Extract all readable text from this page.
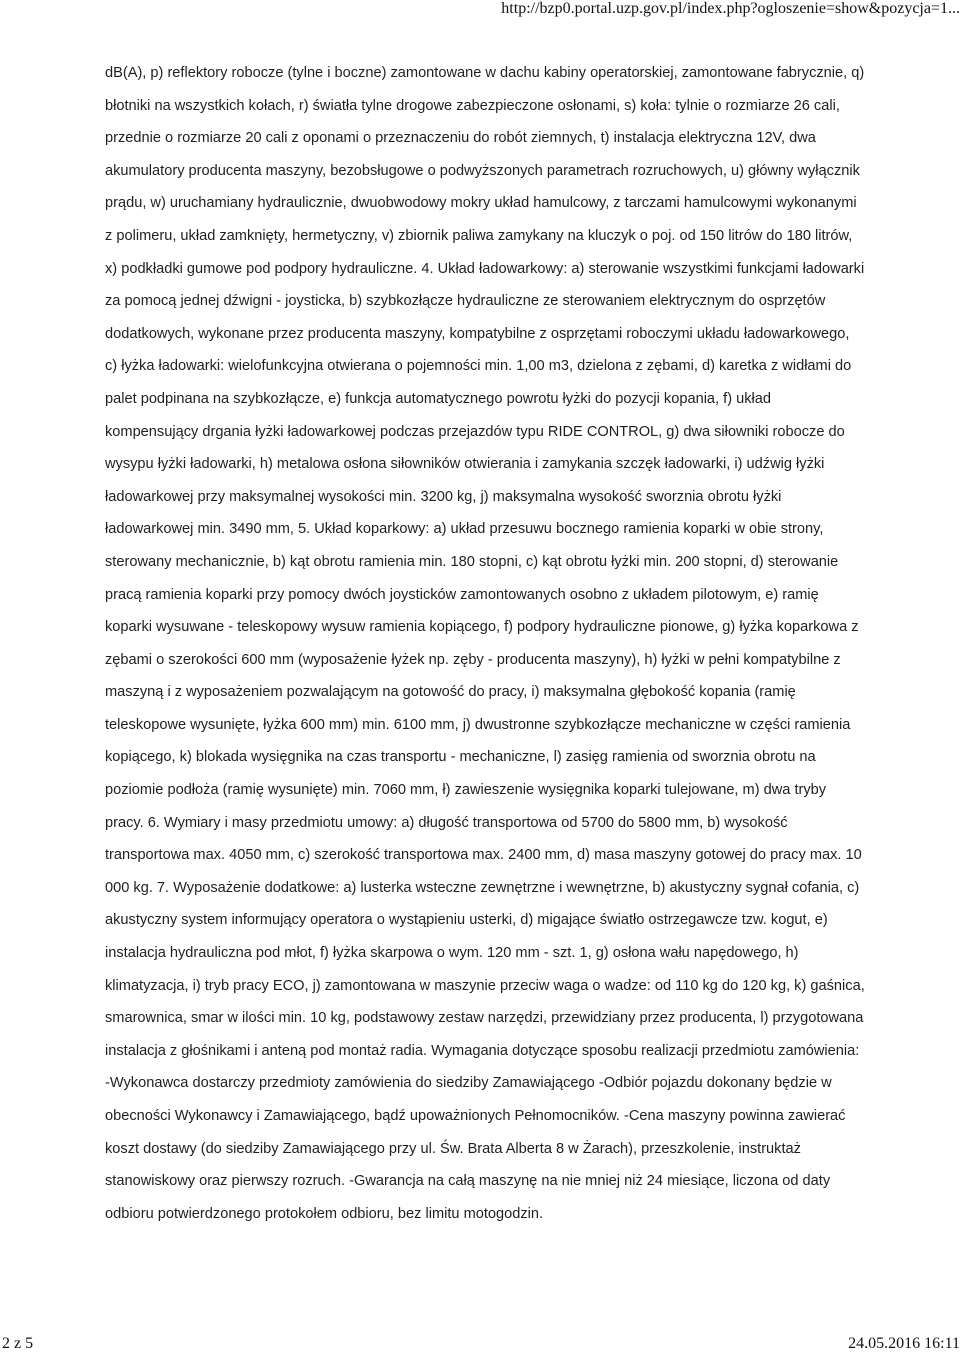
http://bzp0.portal.uzp.gov.pl/index.php?ogloszenie=show&pozycja=1...

dB(A), p) reflektory robocze (tylne i boczne) zamontowane w dachu kabiny operatorskiej, zamontowane fabrycznie, q) błotniki na wszystkich kołach, r) światła tylne drogowe zabezpieczone osłonami, s) koła: tylnie o rozmiarze 26 cali, przednie o rozmiarze 20 cali z oponami o przeznaczeniu do robót ziemnych, t) instalacja elektryczna 12V, dwa akumulatory producenta maszyny, bezobsługowe o podwyższonych parametrach rozruchowych, u) główny wyłącznik prądu, w) uruchamiany hydraulicznie, dwuobwodowy mokry układ hamulcowy, z tarczami hamulcowymi wykonanymi z polimeru, układ zamknięty, hermetyczny, v) zbiornik paliwa zamykany na kluczyk o poj. od 150 litrów do 180 litrów, x) podkładki gumowe pod podpory hydrauliczne. 4. Układ ładowarkowy: a) sterowanie wszystkimi funkcjami ładowarki za pomocą jednej dźwigni - joysticka, b) szybkozłącze hydrauliczne ze sterowaniem elektrycznym do osprzętów dodatkowych, wykonane przez producenta maszyny, kompatybilne z osprzętami roboczymi układu ładowarkowego, c) łyżka ładowarki: wielofunkcyjna otwierana o pojemności min. 1,00 m3, dzielona z zębami, d) karetka z widłami do palet podpinana na szybkozłącze, e) funkcja automatycznego powrotu łyżki do pozycji kopania, f) układ kompensujący drgania łyżki ładowarkowej podczas przejazdów typu RIDE CONTROL, g) dwa siłowniki robocze do wysypu łyżki ładowarki, h) metalowa osłona siłowników otwierania i zamykania szczęk ładowarki, i) udźwig łyżki ładowarkowej przy maksymalnej wysokości min. 3200 kg, j) maksymalna wysokość sworznia obrotu łyżki ładowarkowej min. 3490 mm, 5. Układ koparkowy: a) układ przesuwu bocznego ramienia koparki w obie strony, sterowany mechanicznie, b) kąt obrotu ramienia min. 180 stopni, c) kąt obrotu łyżki min. 200 stopni, d) sterowanie pracą ramienia koparki przy pomocy dwóch joysticków zamontowanych osobno z układem pilotowym, e) ramię koparki wysuwane - teleskopowy wysuw ramienia kopiącego, f) podpory hydrauliczne pionowe, g) łyżka koparkowa z zębami o szerokości 600 mm (wyposażenie łyżek np. zęby - producenta maszyny), h) łyżki w pełni kompatybilne z maszyną i z wyposażeniem pozwalającym na gotowość do pracy, i) maksymalna głębokość kopania (ramię teleskopowe wysunięte, łyżka 600 mm) min. 6100 mm, j) dwustronne szybkozłącze mechaniczne w części ramienia kopiącego, k) blokada wysięgnika na czas transportu - mechaniczne, l) zasięg ramienia od sworznia obrotu na poziomie podłoża (ramię wysunięte) min. 7060 mm, ł) zawieszenie wysięgnika koparki tulejowane, m) dwa tryby pracy. 6. Wymiary i masy przedmiotu umowy: a) długość transportowa od 5700 do 5800 mm, b) wysokość transportowa max. 4050 mm, c) szerokość transportowa max. 2400 mm, d) masa maszyny gotowej do pracy max. 10 000 kg. 7. Wyposażenie dodatkowe: a) lusterka wsteczne zewnętrzne i wewnętrzne, b) akustyczny sygnał cofania, c) akustyczny system informujący operatora o wystąpieniu usterki, d) migające światło ostrzegawcze tzw. kogut, e) instalacja hydrauliczna pod młot, f) łyżka skarpowa o wym. 120 mm - szt. 1, g) osłona wału napędowego, h) klimatyzacja, i) tryb pracy ECO, j) zamontowana w maszynie przeciw waga o wadze: od 110 kg do 120 kg, k) gaśnica, smarownica, smar w ilości min. 10 kg, podstawowy zestaw narzędzi, przewidziany przez producenta, l) przygotowana instalacja z głośnikami i anteną pod montaż radia. Wymagania dotyczące sposobu realizacji przedmiotu zamówienia: -Wykonawca dostarczy przedmioty zamówienia do siedziby Zamawiającego -Odbiór pojazdu dokonany będzie w obecności Wykonawcy i Zamawiającego, bądź upoważnionych Pełnomocników. -Cena maszyny powinna zawierać koszt dostawy (do siedziby Zamawiającego przy ul. Św. Brata Alberta 8 w Żarach), przeszkolenie, instruktaż stanowiskowy oraz pierwszy rozruch. -Gwarancja na całą maszynę na nie mniej niż 24 miesiące, liczona od daty odbioru potwierdzonego protokołem odbioru, bez limitu motogodzin.

2 z 5	24.05.2016 16:11
